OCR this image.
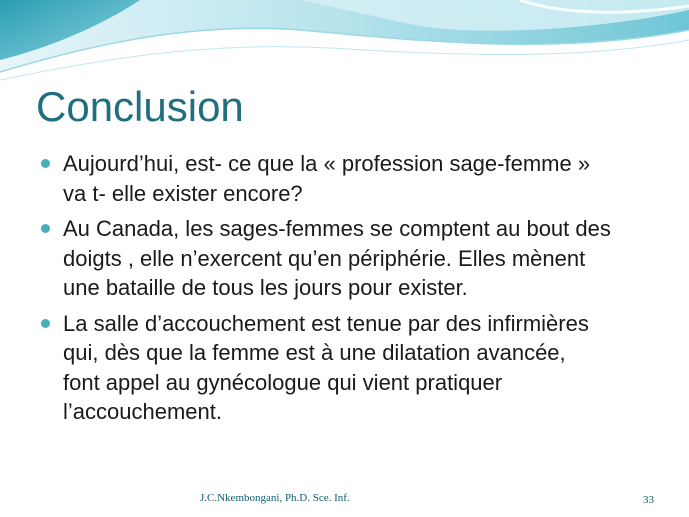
Conclusion
Aujourd’hui, est- ce que la « profession sage-femme »
va t- elle exister encore?
Au Canada, les sages-femmes se comptent au bout des
doigts , elle n’exercent qu’en périphérie. Elles mènent
une bataille de tous les jours pour exister.
La salle d’accouchement est tenue par des infirmières
qui, dès que la femme est à une dilatation avancée,
font appel au gynécologue qui vient pratiquer
l’accouchement.
J.C.Nkembongani, Ph.D. Sce. Inf.	33
